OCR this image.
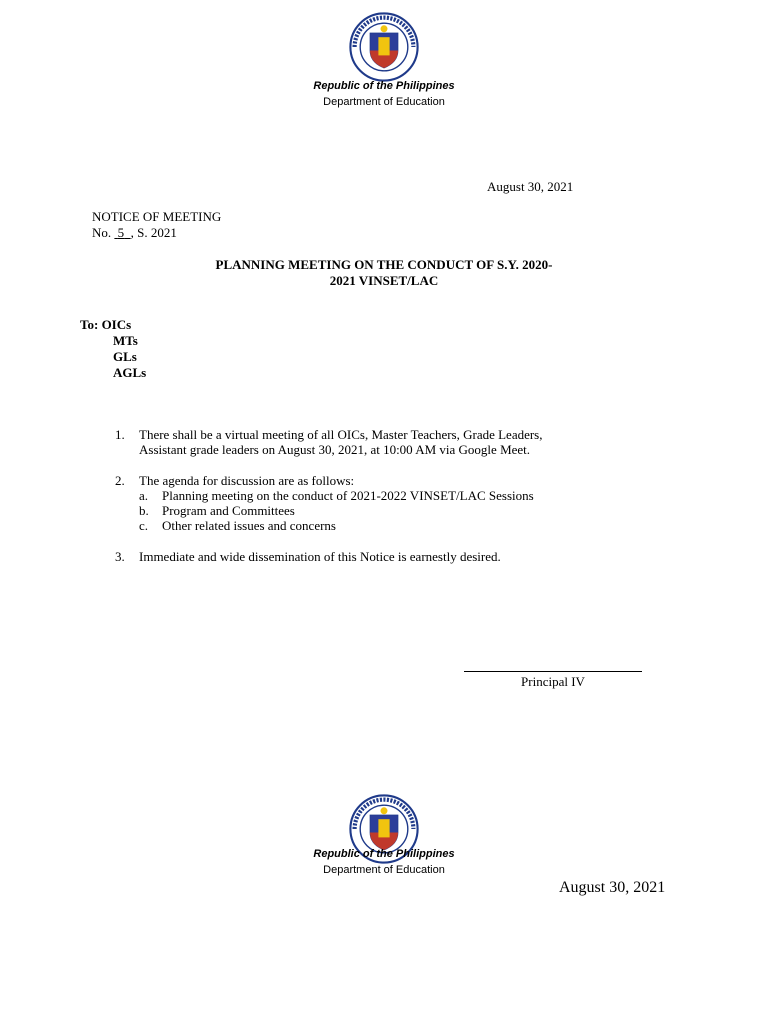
Republic of the Philippines
Department of Education
August 30, 2021
NOTICE OF MEETING
No. 5 , S. 2021
PLANNING MEETING ON THE CONDUCT OF S.Y. 2020-
2021 VINSET/LAC
To: OICs
MTs
GLs
AGLs
1.	There shall be a virtual meeting of all OICs, Master Teachers, Grade Leaders,
Assistant grade leaders on August 30, 2021, at 10:00 AM via Google Meet.
2.	The agenda for discussion are as follows:
a. Planning meeting on the conduct of 2021-2022 VINSET/LAC Sessions
b. Program and Committees
c. Other related issues and concerns
3.	Immediate and wide dissemination of this Notice is earnestly desired.
Principal IV
Republic of the Philippines
Department of Education
August 30, 2021
